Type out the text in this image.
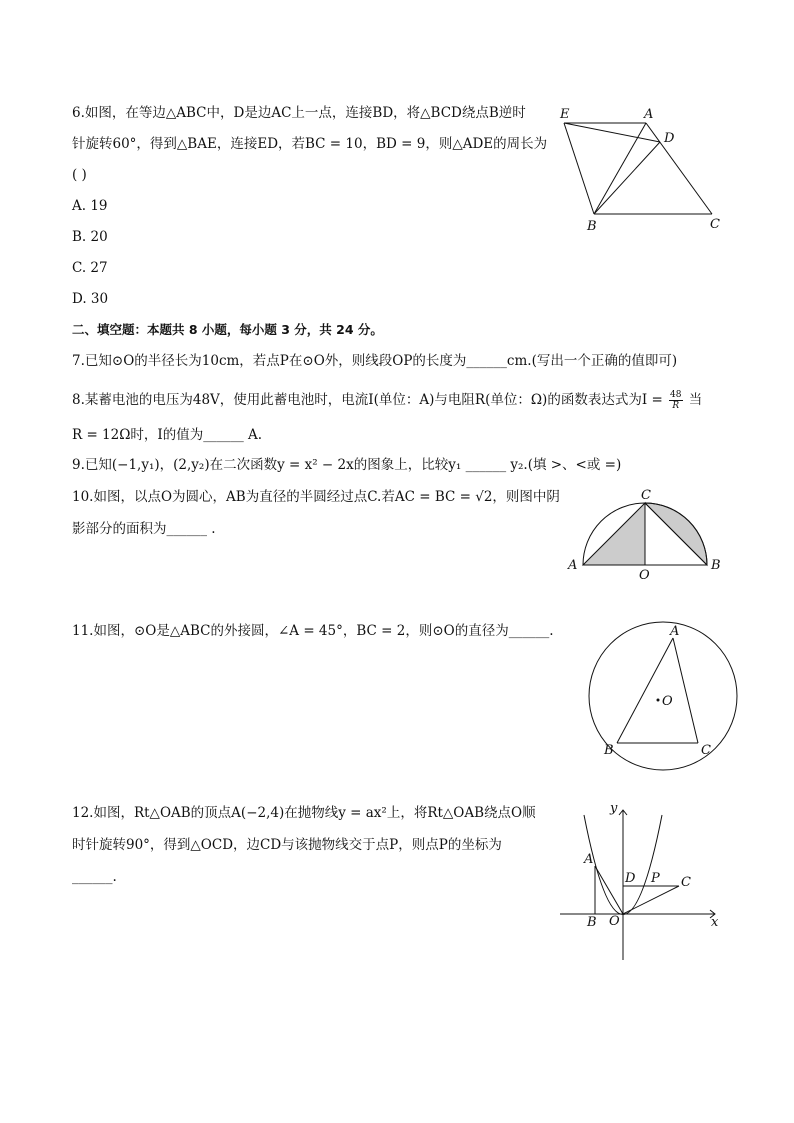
6.如图，在等边△ABC中，D是边AC上一点，连接BD，将△BCD绕点B逆时
针旋转60°，得到△BAE，连接ED，若BC = 10，BD = 9，则△ADE的周长为
( )
A. 19
B. 20
C. 27
D. 30
E	A
D
B	C
二、填空题：本题共 8 小题，每小题 3 分，共 24 分。
7.已知⊙O的半径长为10cm，若点P在⊙O外，则线段OP的长度为______cm.(写出一个正确的值即可)
8.某蓄电池的电压为48V，使用此蓄电池时，电流I(单位：A)与电阻R(单位：Ω)的函数表达式为$I = \frac{48}{R}$ 当
R = 12Ω时，I的值为______ A.
9.已知(−1,y₁)，(2,y₂)在二次函数y = x² − 2x的图象上，比较y₁ ______ y₂.(填 >、<或 =)
10.如图，以点O为圆心，AB为直径的半圆经过点C.若AC = BC = √2，则图中阴
影部分的面积为______ .
C
A
O
B
11.如图，⊙O是△ABC的外接圆，∠A = 45°，BC = 2，则⊙O的直径为______.	A
O
B	C
12.如图，Rt△OAB的顶点A(−2,4)在抛物线y = ax²上，将Rt△OAB绕点O顺
时针旋转90°，得到△OCD，边CD与该抛物线交于点P，则点P的坐标为
______.
y
A
D P C
B O	x
